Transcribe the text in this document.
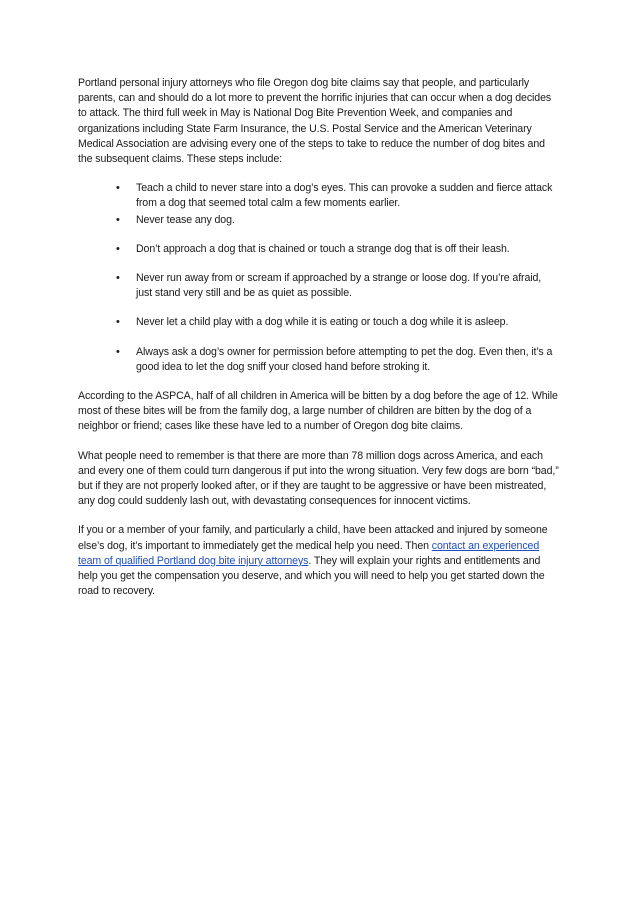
Portland personal injury attorneys who file Oregon dog bite claims say that people, and particularly parents, can and should do a lot more to prevent the horrific injuries that can occur when a dog decides to attack. The third full week in May is National Dog Bite Prevention Week, and companies and organizations including State Farm Insurance, the U.S. Postal Service and the American Veterinary Medical Association are advising every one of the steps to take to reduce the number of dog bites and the subsequent claims. These steps include:

• Teach a child to never stare into a dog’s eyes. This can provoke a sudden and fierce attack from a dog that seemed total calm a few moments earlier.
• Never tease any dog.
• Don’t approach a dog that is chained or touch a strange dog that is off their leash.
• Never run away from or scream if approached by a strange or loose dog. If you’re afraid, just stand very still and be as quiet as possible.
• Never let a child play with a dog while it is eating or touch a dog while it is asleep.
• Always ask a dog’s owner for permission before attempting to pet the dog. Even then, it’s a good idea to let the dog sniff your closed hand before stroking it.

According to the ASPCA, half of all children in America will be bitten by a dog before the age of 12. While most of these bites will be from the family dog, a large number of children are bitten by the dog of a neighbor or friend; cases like these have led to a number of Oregon dog bite claims.

What people need to remember is that there are more than 78 million dogs across America, and each and every one of them could turn dangerous if put into the wrong situation. Very few dogs are born “bad,” but if they are not properly looked after, or if they are taught to be aggressive or have been mistreated, any dog could suddenly lash out, with devastating consequences for innocent victims.

If you or a member of your family, and particularly a child, have been attacked and injured by someone else’s dog, it’s important to immediately get the medical help you need. Then contact an experienced team of qualified Portland dog bite injury attorneys. They will explain your rights and entitlements and help you get the compensation you deserve, and which you will need to help you get started down the road to recovery.
